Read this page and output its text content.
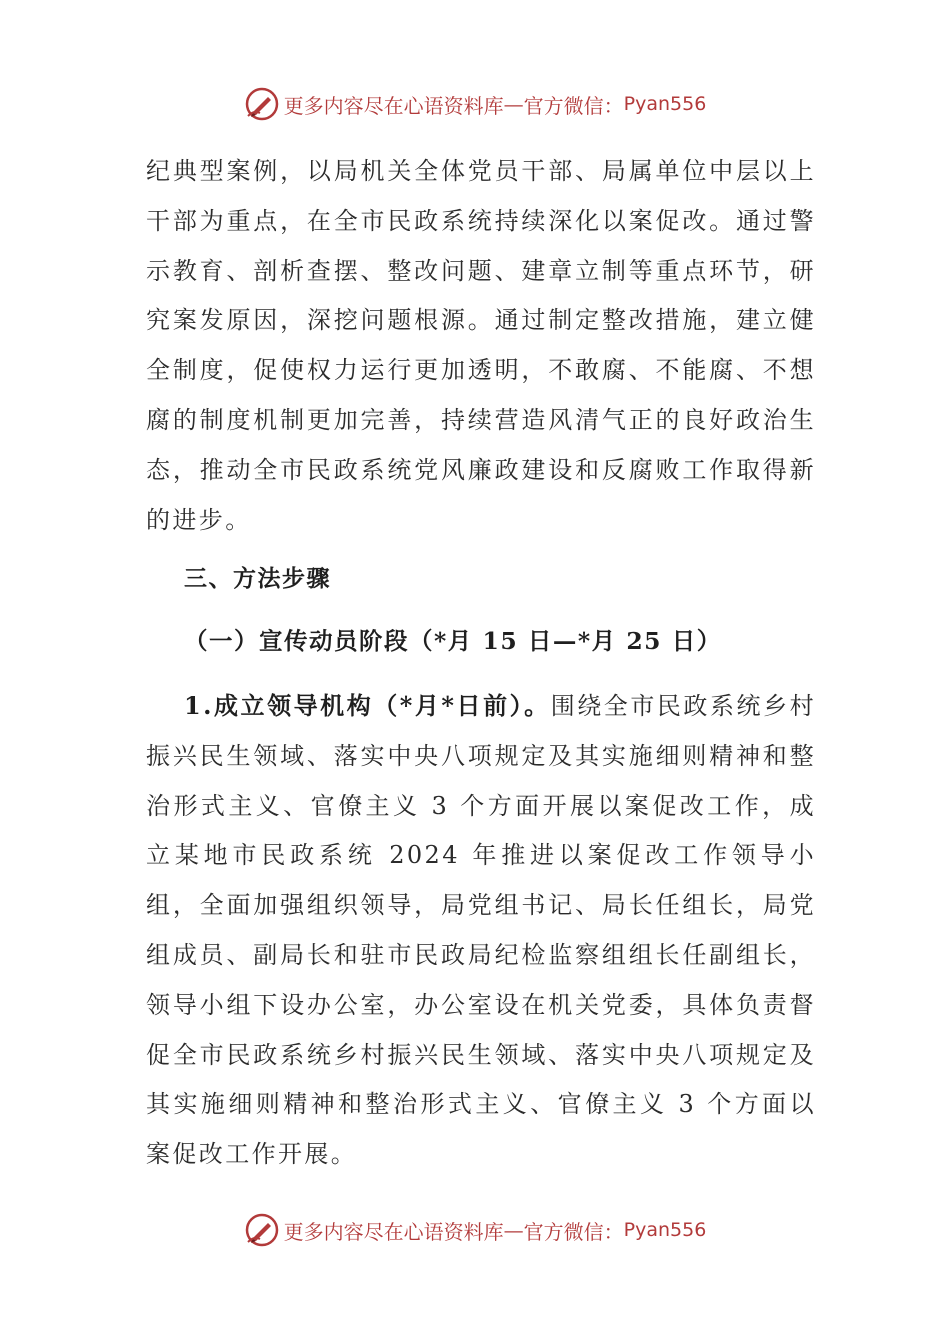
更多内容尽在心语资料库 — 官方微信： Pyan556

纪典型案例，以局机关全体党员干部、局属单位中层以上干部为重点，在全市民政系统持续深化以案促改。通过警示教育、剖析查摆、整改问题、建章立制等重点环节，研究案发原因，深挖问题根源。通过制定整改措施，建立健全制度，促使权力运行更加透明，不敢腐、不能腐、不想腐的制度机制更加完善，持续营造风清气正的良好政治生态，推动全市民政系统党风廉政建设和反腐败工作取得新的进步。

三、方法步骤
（一）宣传动员阶段（*月 15 日—*月 25 日）

1.成立领导机构（*月*日前）。围绕全市民政系统乡村振兴民生领域、落实中央八项规定及其实施细则精神和整治形式主义、官僚主义 3 个方面开展以案促改工作，成立某地市民政系统 2024 年推进以案促改工作领导小组，全面加强组织领导，局党组书记、局长任组长，局党组成员、副局长和驻市民政局纪检监察组组长任副组长，领导小组下设办公室，办公室设在机关党委，具体负责督促全市民政系统乡村振兴民生领域、落实中央八项规定及其实施细则精神和整治形式主义、官僚主义 3 个方面以案促改工作开展。

更多内容尽在心语资料库 — 官方微信： Pyan556
